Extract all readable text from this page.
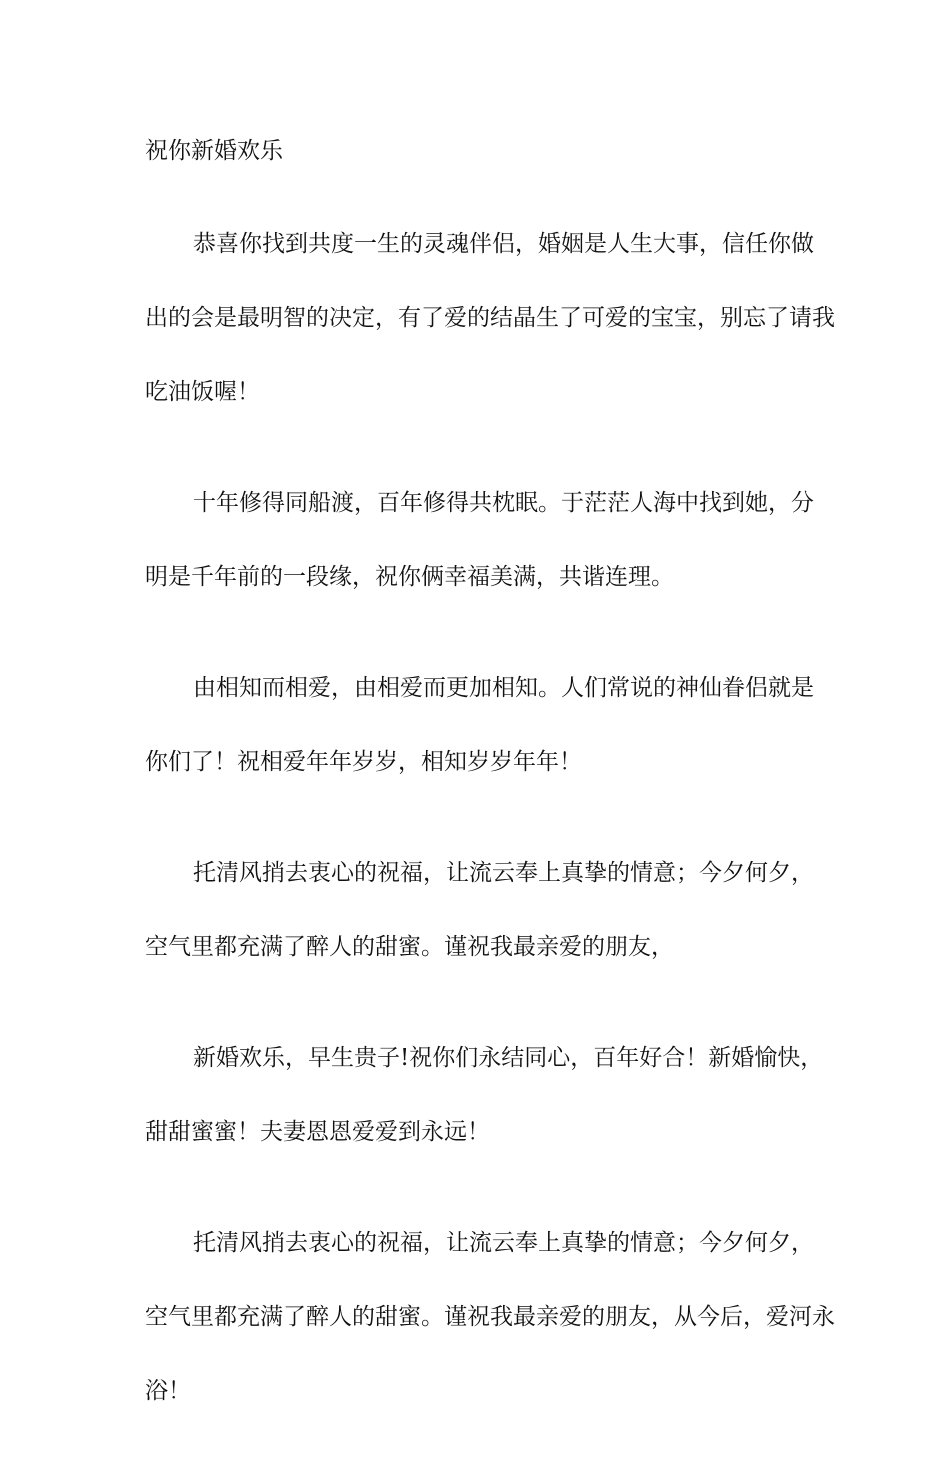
祝你新婚欢乐

恭喜你找到共度一生的灵魂伴侣，婚姻是人生大事，信任你做出的会是最明智的决定，有了爱的结晶生了可爱的宝宝，别忘了请我吃油饭喔！

十年修得同船渡，百年修得共枕眠。于茫茫人海中找到她，分明是千年前的一段缘，祝你俩幸福美满，共谐连理。

由相知而相爱，由相爱而更加相知。人们常说的神仙眷侣就是你们了！祝相爱年年岁岁，相知岁岁年年！

托清风捎去衷心的祝福，让流云奉上真挚的情意；今夕何夕，空气里都充满了醉人的甜蜜。谨祝我最亲爱的朋友，

新婚欢乐，早生贵子!祝你们永结同心，百年好合！新婚愉快，甜甜蜜蜜！夫妻恩恩爱爱到永远！

托清风捎去衷心的祝福，让流云奉上真挚的情意；今夕何夕，空气里都充满了醉人的甜蜜。谨祝我最亲爱的朋友，从今后，爱河永浴！
